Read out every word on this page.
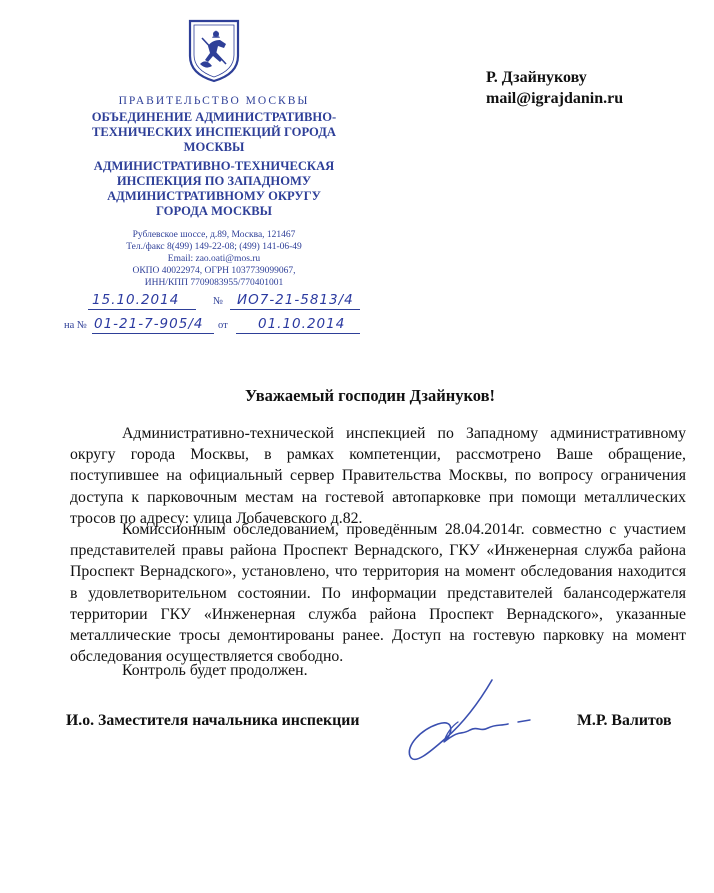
ПРАВИТЕЛЬСТВО МОСКВЫ
ОБЪЕДИНЕНИЕ АДМИНИСТРАТИВНО-
ТЕХНИЧЕСКИХ ИНСПЕКЦИЙ ГОРОДА
МОСКВЫ
АДМИНИСТРАТИВНО-ТЕХНИЧЕСКАЯ
ИНСПЕКЦИЯ ПО ЗАПАДНОМУ
АДМИНИСТРАТИВНОМУ ОКРУГУ
ГОРОДА МОСКВЫ
Рублевское шоссе, д.89, Москва, 121467
Тел./факс 8(499) 149-22-08; (499) 141-06-49
Email: zao.oati@mos.ru
ОКПО 40022974, ОГРН 1037739099067,
ИНН/КПП 7709083955/770401001
15.10.2014	№ ИО7-21-5813/4
на № 01-21-7-905/4 от 01.10.2014
Р. Дзайнукову
mail@igrajdanin.ru
Уважаемый господин Дзайнуков!
Административно-технической инспекцией по Западному административному округу города Москвы, в рамках компетенции, рассмотрено Ваше обращение, поступившее на официальный сервер Правительства Москвы, по вопросу ограничения доступа к парковочным местам на гостевой автопарковке при помощи металлических тросов по адресу: улица Лобачевского д.82.
Комиссионным обследованием, проведённым 28.04.2014г. совместно с участием представителей правы района Проспект Вернадского, ГКУ «Инженерная служба района Проспект Вернадского», установлено, что территория на момент обследования находится в удовлетворительном состоянии. По информации представителей балансодержателя территории ГКУ «Инженерная служба района Проспект Вернадского», указанные металлические тросы демонтированы ранее. Доступ на гостевую парковку на момент обследования осуществляется свободно.
Контроль будет продолжен.
И.о. Заместителя начальника инспекции	М.Р. Валитов
